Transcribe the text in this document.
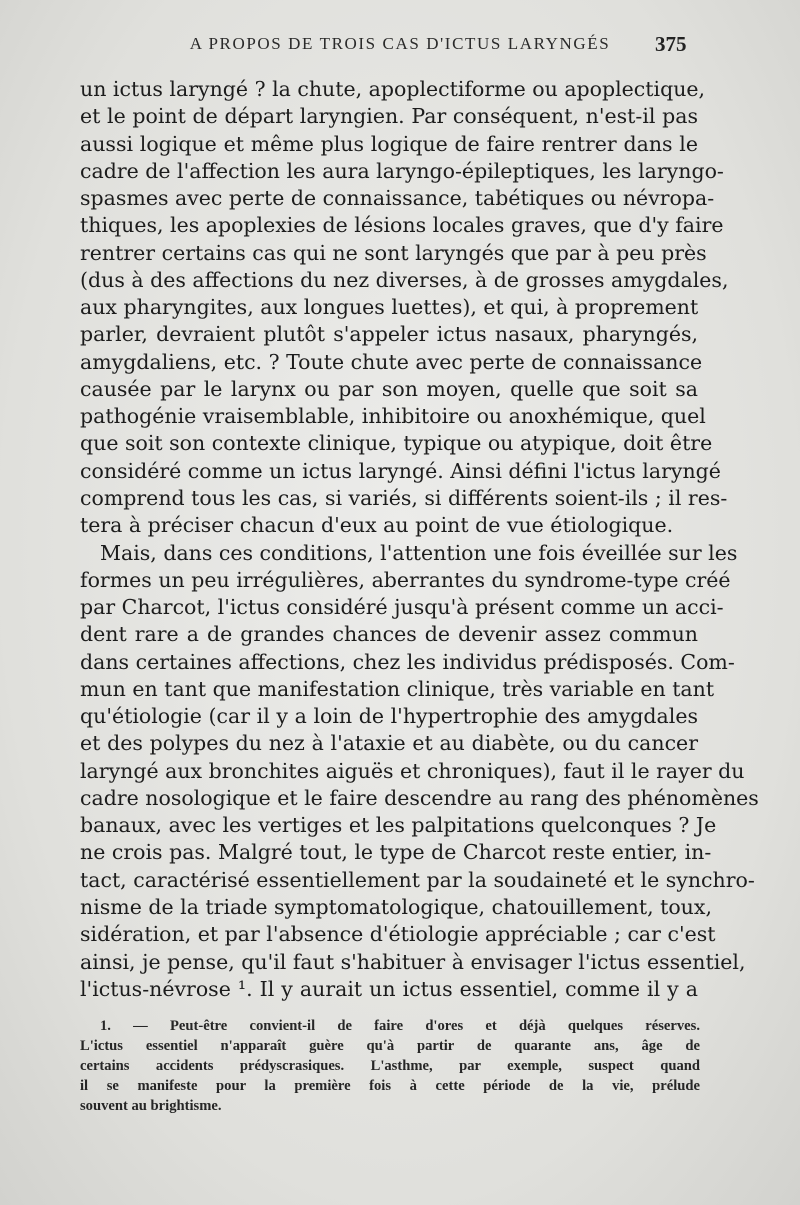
A PROPOS DE TROIS CAS D'ICTUS LARYNGÉS	375
un ictus laryngé ? la chute, apoplectiforme ou apoplectique,
et le point de départ laryngien. Par conséquent, n'est-il pas
aussi logique et même plus logique de faire rentrer dans le
cadre de l'affection les aura laryngo-épileptiques, les laryngo-
spasmes avec perte de connaissance, tabétiques ou névropa-
thiques, les apoplexies de lésions locales graves, que d'y faire
rentrer certains cas qui ne sont laryngés que par à peu près
(dus à des affections du nez diverses, à de grosses amygdales,
aux pharyngites, aux longues luettes), et qui, à proprement
parler, devraient plutôt s'appeler ictus nasaux, pharyngés,
amygdaliens, etc. ? Toute chute avec perte de connaissance
causée par le larynx ou par son moyen, quelle que soit sa
pathogénie vraisemblable, inhibitoire ou anoxhémique, quel
que soit son contexte clinique, typique ou atypique, doit être
considéré comme un ictus laryngé. Ainsi défini l'ictus laryngé
comprend tous les cas, si variés, si différents soient-ils ; il res-
tera à préciser chacun d'eux au point de vue étiologique.
Mais, dans ces conditions, l'attention une fois éveillée sur les
formes un peu irrégulières, aberrantes du syndrome-type créé
par Charcot, l'ictus considéré jusqu'à présent comme un acci-
dent rare a de grandes chances de devenir assez commun
dans certaines affections, chez les individus prédisposés. Com-
mun en tant que manifestation clinique, très variable en tant
qu'étiologie (car il y a loin de l'hypertrophie des amygdales
et des polypes du nez à l'ataxie et au diabète, ou du cancer
laryngé aux bronchites aiguës et chroniques), faut il le rayer du
cadre nosologique et le faire descendre au rang des phénomènes
banaux, avec les vertiges et les palpitations quelconques ? Je
ne crois pas. Malgré tout, le type de Charcot reste entier, in-
tact, caractérisé essentiellement par la soudaineté et le synchro-
nisme de la triade symptomatologique, chatouillement, toux,
sidération, et par l'absence d'étiologie appréciable ; car c'est
ainsi, je pense, qu'il faut s'habituer à envisager l'ictus essentiel,
l'ictus-névrose ¹. Il y aurait un ictus essentiel, comme il y a
1. — Peut-être convient-il de faire d'ores et déjà quelques réserves.
L'ictus essentiel n'apparaît guère qu'à partir de quarante ans, âge de
certains accidents prédyscrasiques. L'asthme, par exemple, suspect quand
il se manifeste pour la première fois à cette période de la vie, prélude
souvent au brightisme.
